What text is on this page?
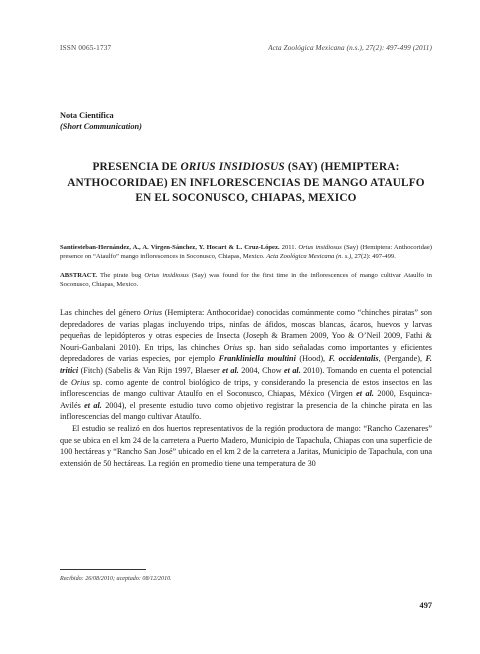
ISSN 0065-1737	Acta Zoológica Mexicana (n.s.), 27(2): 497-499 (2011)
Nota Científica
(Short Communication)
PRESENCIA DE ORIUS INSIDIOSUS (SAY) (HEMIPTERA: ANTHOCORIDAE) EN INFLORESCENCIAS DE MANGO ATAULFO EN EL SOCONUSCO, CHIAPAS, MEXICO
Santiesteban-Hernández, A., A. Virgen-Sánchez, Y. Hocart & L. Cruz-López. 2011. Orius insidiosus (Say) (Hemiptera: Anthocoridae) presence on “Ataulfo” mango inflorescences in Soconusco, Chiapas, Mexico. Acta Zoológica Mexicana (n. s.), 27(2): 497-499.
ABSTRACT. The pirate bug Orius insidiosus (Say) was found for the first time in the inflorescences of mango cultivar Ataulfo in Soconusco, Chiapas, Mexico.

Las chinches del género Orius (Hemiptera: Anthocoridae) conocidas comúnmente como “chinches piratas” son depredadores de varias plagas incluyendo trips, ninfas de áfidos, moscas blancas, ácaros, huevos y larvas pequeñas de lepidópteros y otras especies de Insecta (Joseph & Bramen 2009, Yoo & O’Neil 2009, Fathi & Nouri-Ganbalani 2010). En trips, las chinches Orius sp. han sido señaladas como importantes y eficientes depredadores de varias especies, por ejemplo Frankliniella moultini (Hood), F. occidentalis, (Pergande), F. tritici (Fitch) (Sabelis & Van Rijn 1997, Blaeser et al. 2004, Chow et al. 2010). Tomando en cuenta el potencial de Orius sp. como agente de control biológico de trips, y considerando la presencia de estos insectos en las inflorescencias de mango cultivar Ataulfo en el Soconusco, Chiapas, México (Virgen et al. 2000, Esquinca-Avilés et al. 2004), el presente estudio tuvo como objetivo registrar la presencia de la chinche pirata en las inflorescencias del mango cultivar Ataulfo.

El estudio se realizó en dos huertos representativos de la región productora de mango: “Rancho Cazenares” que se ubica en el km 24 de la carretera a Puerto Madero, Municipio de Tapachula, Chiapas con una superficie de 100 hectáreas y “Rancho San José” ubicado en el km 2 de la carretera a Jaritas, Municipio de Tapachula, con una extensión de 50 hectáreas. La región en promedio tiene una temperatura de 30

Recibido: 26/08/2010; aceptado: 08/12/2010.
497
